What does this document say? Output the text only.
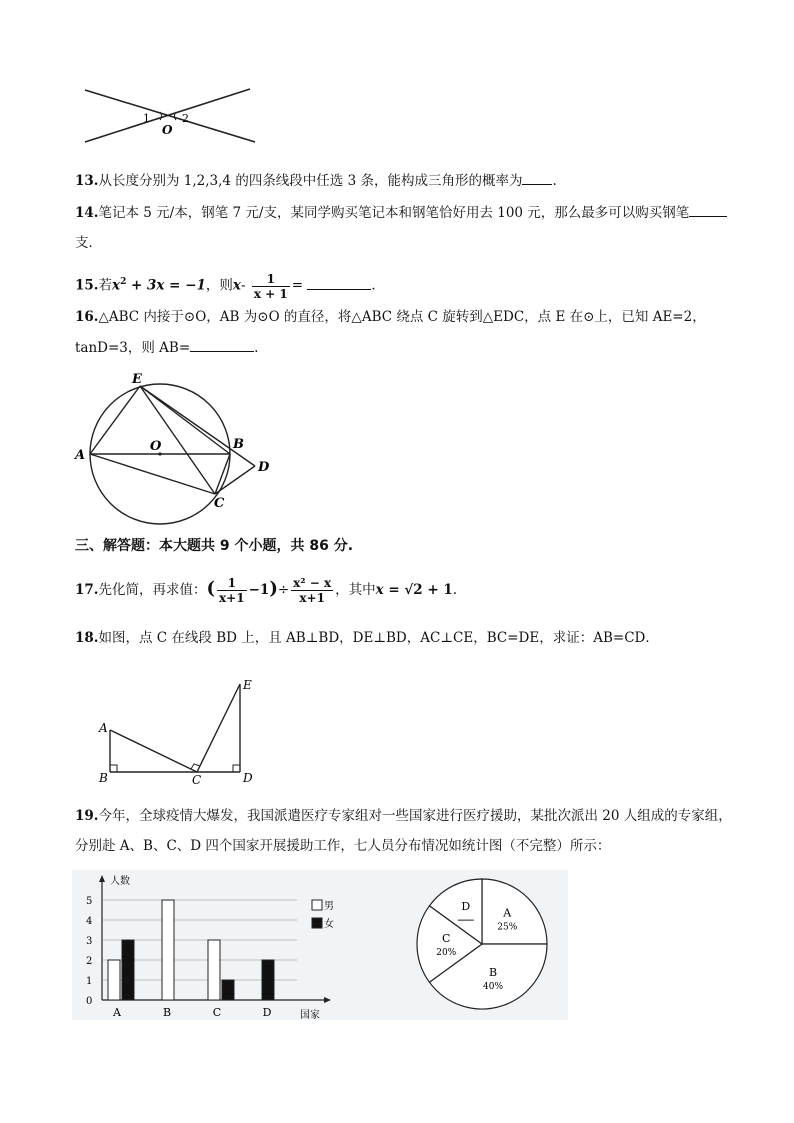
1	2
O
13.从长度分别为 1,2,3,4 的四条线段中任选 3 条，能构成三角形的概率为 .
14.笔记本 5 元/本，钢笔 7 元/支，某同学购买笔记本和钢笔恰好用去 100 元，那么最多可以购买钢笔
支．
15.若$x^2 + 3x = -1$，则$x- \frac{1}{x + 1}$ =	.
16.△ABC 内接于⊙O，AB 为⊙O 的直径，将△ABC 绕点 C 旋转到△EDC，点 E 在⊙上，已知 AE=2，
tanD=3，则 AB=	.
A
B
C
D
E
O
三、解答题：本大题共 9 个小题，共 86 分.
17.先化简，再求值：( $\frac{1}{x+1} -1)\div \frac{\text{x² − x}}{x+1}$ ，其中x = √2 + 1.
18.如图，点 C 在线段 BD 上，且 AB⊥BD，DE⊥BD，AC⊥CE，BC=DE，求证：AB=CD．
A
B	C	D
E
19.今年，全球疫情大爆发，我国派遣医疗专家组对一些国家进行医疗援助，某批次派出 20 人组成的专家组，
分别赴 A、B、C、D 四个国家开展援助工作，七人员分布情况如统计图（不完整）所示：
人数
国家
0
1
2
3
4
5
A	B	C	D
男
女
A
25%
B
40%
C
20%
D
